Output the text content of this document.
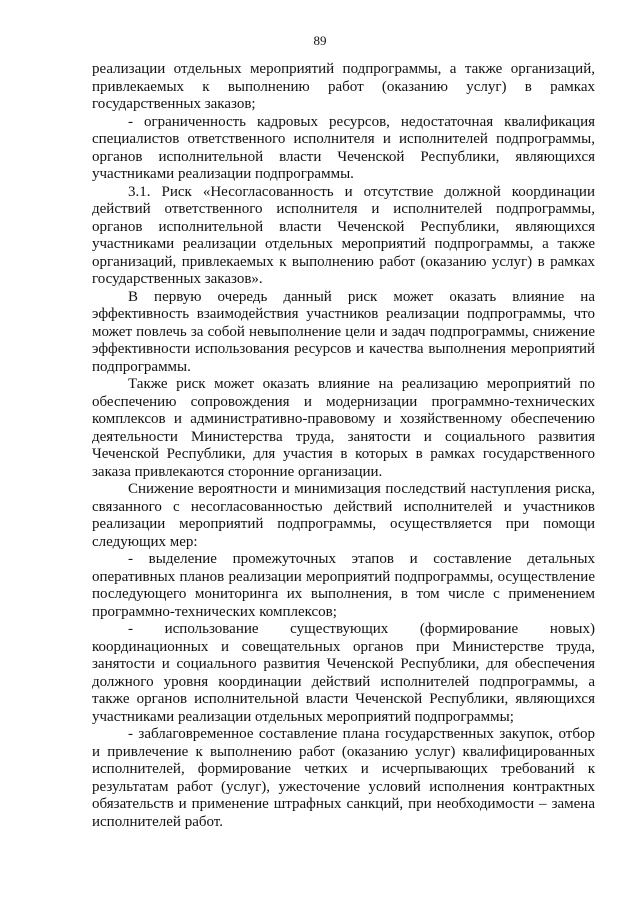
89

реализации отдельных мероприятий подпрограммы, а также организаций, привлекаемых к выполнению работ (оказанию услуг) в рамках государственных заказов;

- ограниченность кадровых ресурсов, недостаточная квалификация специалистов ответственного исполнителя и исполнителей подпрограммы, органов исполнительной власти Чеченской Республики, являющихся участниками реализации подпрограммы.

3.1. Риск «Несогласованность и отсутствие должной координации действий ответственного исполнителя и исполнителей подпрограммы, органов исполнительной власти Чеченской Республики, являющихся участниками реализации отдельных мероприятий подпрограммы, а также организаций, привлекаемых к выполнению работ (оказанию услуг) в рамках государственных заказов».

В первую очередь данный риск может оказать влияние на эффективность взаимодействия участников реализации подпрограммы, что может повлечь за собой невыполнение цели и задач подпрограммы, снижение эффективности использования ресурсов и качества выполнения мероприятий подпрограммы.

Также риск может оказать влияние на реализацию мероприятий по обеспечению сопровождения и модернизации программно-технических комплексов и административно-правовому и хозяйственному обеспечению деятельности Министерства труда, занятости и социального развития Чеченской Республики, для участия в которых в рамках государственного заказа привлекаются сторонние организации.

Снижение вероятности и минимизация последствий наступления риска, связанного с несогласованностью действий исполнителей и участников реализации мероприятий подпрограммы, осуществляется при помощи следующих мер:

- выделение промежуточных этапов и составление детальных оперативных планов реализации мероприятий подпрограммы, осуществление последующего мониторинга их выполнения, в том числе с применением программно-технических комплексов;

- использование существующих (формирование новых) координационных и совещательных органов при Министерстве труда, занятости и социального развития Чеченской Республики, для обеспечения должного уровня координации действий исполнителей подпрограммы, а также органов исполнительной власти Чеченской Республики, являющихся участниками реализации отдельных мероприятий подпрограммы;

- заблаговременное составление плана государственных закупок, отбор и привлечение к выполнению работ (оказанию услуг) квалифицированных исполнителей, формирование четких и исчерпывающих требований к результатам работ (услуг), ужесточение условий исполнения контрактных обязательств и применение штрафных санкций, при необходимости – замена исполнителей работ.
